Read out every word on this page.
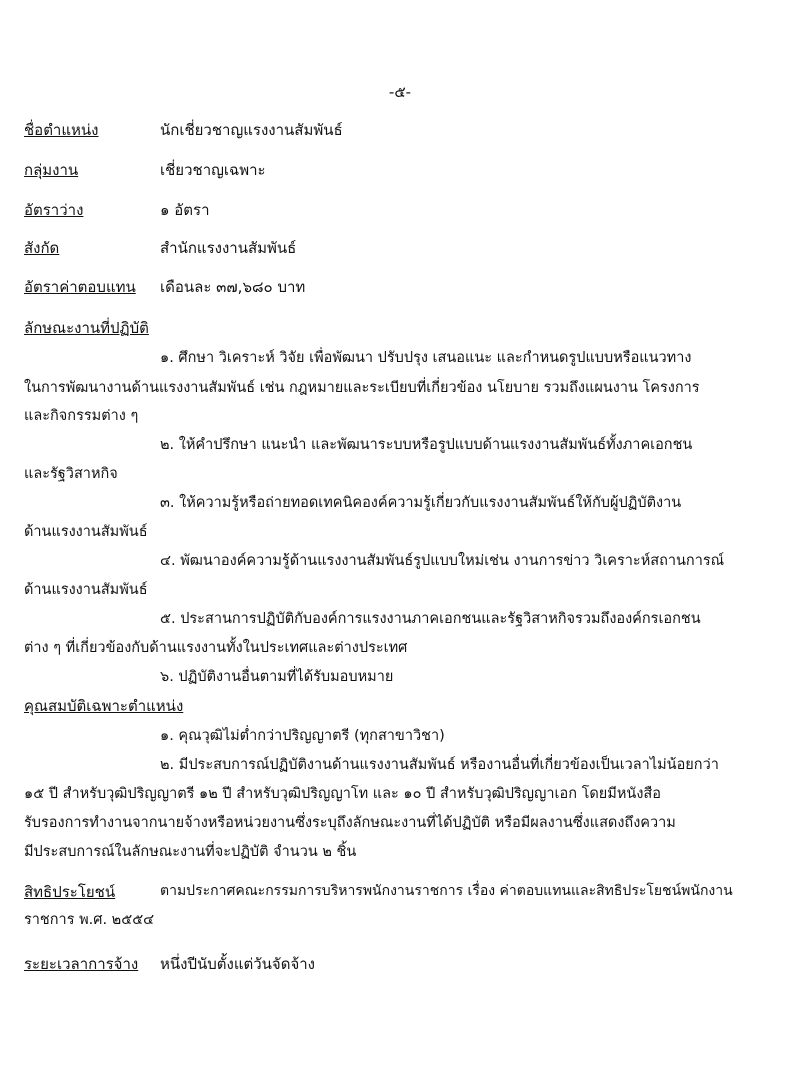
-๕-
ชื่อตำแหน่ง	นักเชี่ยวชาญแรงงานสัมพันธ์
กลุ่มงาน	เชี่ยวชาญเฉพาะ
อัตราว่าง	๑ อัตรา
สังกัด	สำนักแรงงานสัมพันธ์
อัตราค่าตอบแทน เดือนละ ๓๗,๖๘๐ บาท
ลักษณะงานที่ปฏิบัติ
๑. ศึกษา วิเคราะห์ วิจัย เพื่อพัฒนา ปรับปรุง เสนอแนะ และกำหนดรูปแบบหรือแนวทาง
ในการพัฒนางานด้านแรงงานสัมพันธ์ เช่น กฎหมายและระเบียบที่เกี่ยวข้อง นโยบาย รวมถึงแผนงาน โครงการ
และกิจกรรมต่าง ๆ
๒. ให้คำปรึกษา แนะนำ และพัฒนาระบบหรือรูปแบบด้านแรงงานสัมพันธ์ทั้งภาคเอกชน
และรัฐวิสาหกิจ
๓. ให้ความรู้หรือถ่ายทอดเทคนิคองค์ความรู้เกี่ยวกับแรงงานสัมพันธ์ให้กับผู้ปฏิบัติงาน
ด้านแรงงานสัมพันธ์
๔. พัฒนาองค์ความรู้ด้านแรงงานสัมพันธ์รูปแบบใหม่เช่น งานการข่าว วิเคราะห์สถานการณ์
ด้านแรงงานสัมพันธ์
๕. ประสานการปฏิบัติกับองค์การแรงงานภาคเอกชนและรัฐวิสาหกิจรวมถึงองค์กรเอกชน
ต่าง ๆ ที่เกี่ยวข้องกับด้านแรงงานทั้งในประเทศและต่างประเทศ
๖. ปฏิบัติงานอื่นตามที่ได้รับมอบหมาย
คุณสมบัติเฉพาะตำแหน่ง
๑. คุณวุฒิไม่ต่ำกว่าปริญญาตรี (ทุกสาขาวิชา)
๒. มีประสบการณ์ปฏิบัติงานด้านแรงงานสัมพันธ์ หรืองานอื่นที่เกี่ยวข้องเป็นเวลาไม่น้อยกว่า
๑๕ ปี สำหรับวุฒิปริญญาตรี ๑๒ ปี สำหรับวุฒิปริญญาโท และ ๑๐ ปี สำหรับวุฒิปริญญาเอก โดยมีหนังสือ
รับรองการทำงานจากนายจ้างหรือหน่วยงานซึ่งระบุถึงลักษณะงานที่ได้ปฏิบัติ หรือมีผลงานซึ่งแสดงถึงความ
มีประสบการณ์ในลักษณะงานที่จะปฏิบัติ จำนวน ๒ ชิ้น
สิทธิประโยชน์	ตามประกาศคณะกรรมการบริหารพนักงานราชการ เรื่อง ค่าตอบแทนและสิทธิประโยชน์พนักงาน
ราชการ พ.ศ. ๒๕๕๔
ระยะเวลาการจ้าง หนึ่งปีนับตั้งแต่วันจัดจ้าง
